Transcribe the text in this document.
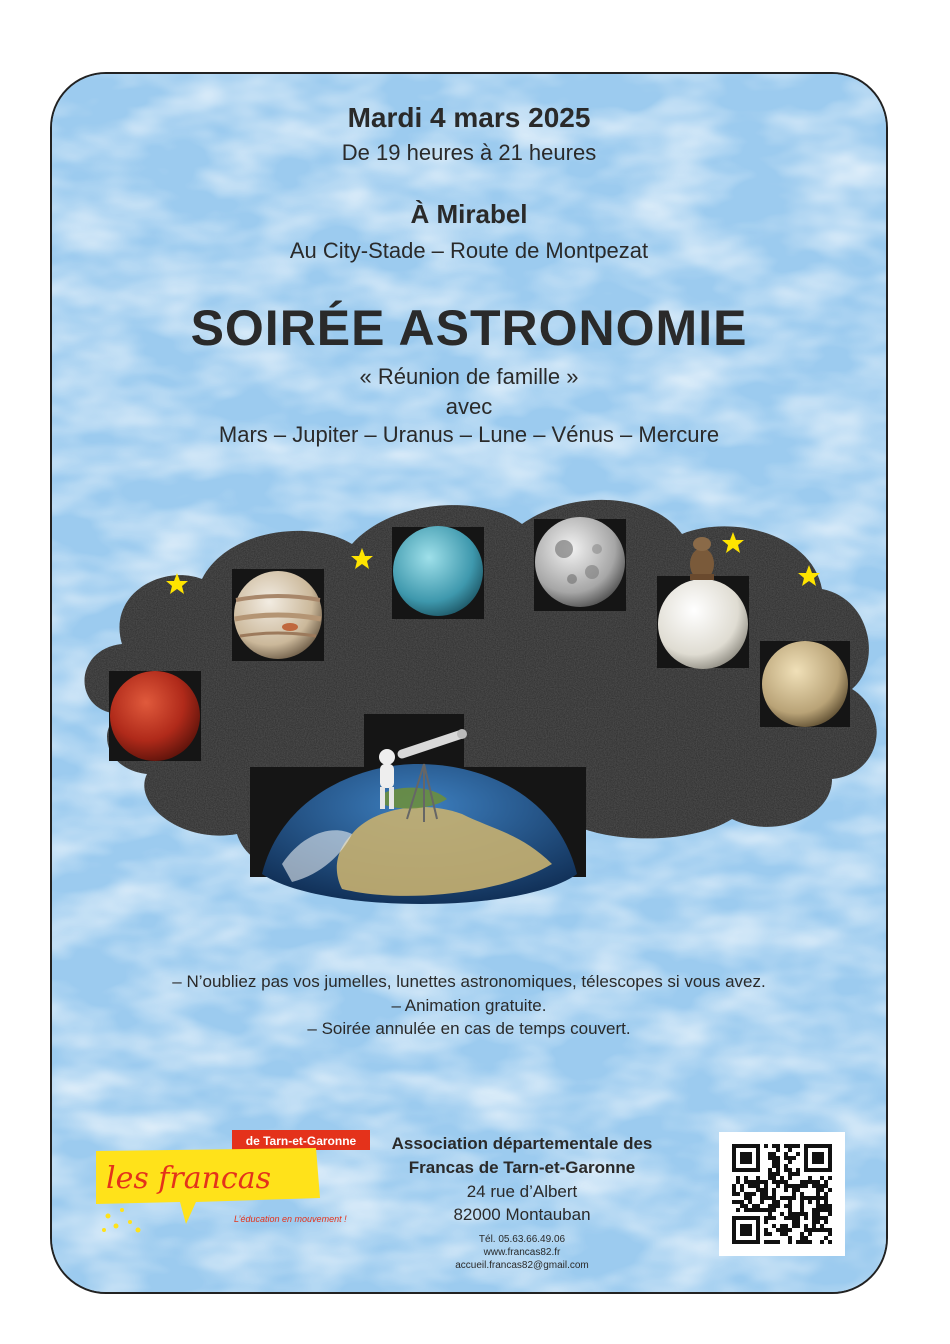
Mardi 4 mars 2025
De 19 heures à 21 heures
À Mirabel
Au City-Stade – Route de Montpezat
SOIRÉE ASTRONOMIE
« Réunion de famille »
avec
Mars – Jupiter – Uranus – Lune – Vénus – Mercure
– N’oubliez pas vos jumelles, lunettes astronomiques, télescopes si vous avez.
– Animation gratuite.
– Soirée annulée en cas de temps couvert.
de Tarn-et-Garonne
les francas
L’éducation en mouvement !
Association départementale des
Francas de Tarn-et-Garonne
24 rue d’Albert
82000 Montauban
Tél. 05.63.66.49.06
www.francas82.fr
accueil.francas82@gmail.com
